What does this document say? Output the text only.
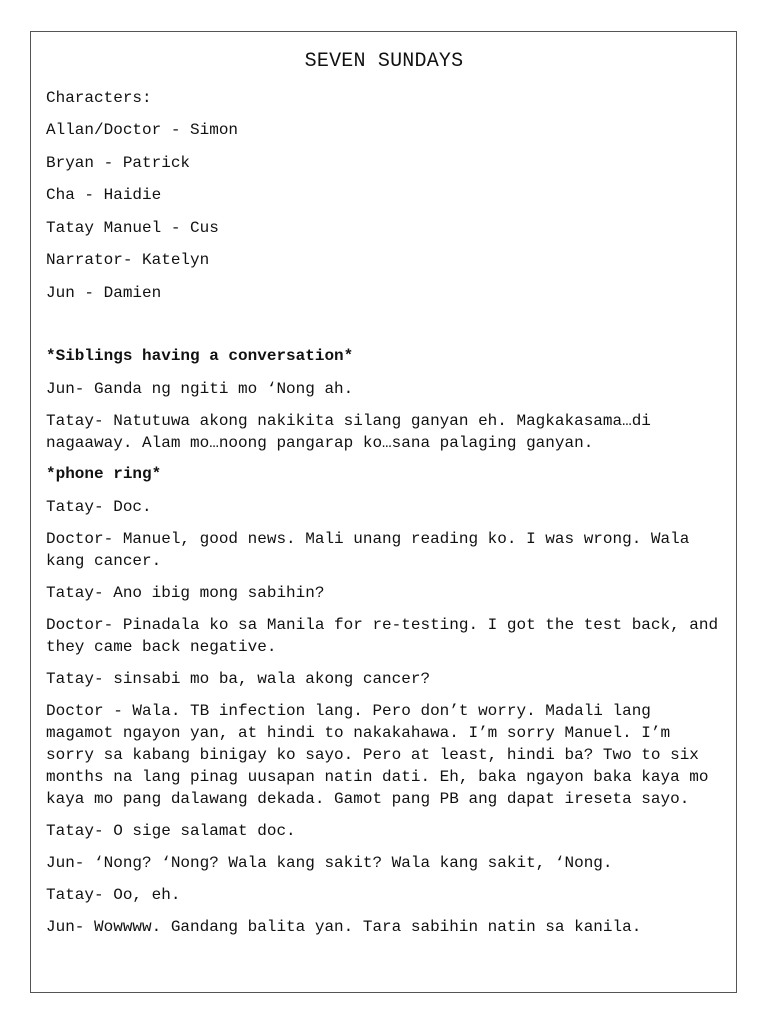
SEVEN SUNDAYS
Characters:
Allan/Doctor - Simon
Bryan - Patrick
Cha - Haidie
Tatay Manuel - Cus
Narrator- Katelyn
Jun - Damien
*Siblings having a conversation*
Jun- Ganda ng ngiti mo ‘Nong ah.
Tatay- Natutuwa akong nakikita silang ganyan eh. Magkakasama…di nagaaway. Alam mo…noong pangarap ko…sana palaging ganyan.
*phone ring*
Tatay- Doc.
Doctor- Manuel, good news. Mali unang reading ko. I was wrong. Wala kang cancer.
Tatay- Ano ibig mong sabihin?
Doctor- Pinadala ko sa Manila for re-testing. I got the test back, and they came back negative.
Tatay- sinsabi mo ba, wala akong cancer?
Doctor - Wala. TB infection lang. Pero don’t worry. Madali lang magamot ngayon yan, at hindi to nakakahawa. I’m sorry Manuel. I’m sorry sa kabang binigay ko sayo. Pero at least, hindi ba? Two to six months na lang pinag uusapan natin dati. Eh, baka ngayon baka kaya mo kaya mo pang dalawang dekada. Gamot pang PB ang dapat ireseta sayo.
Tatay- O sige salamat doc.
Jun- ‘Nong? ‘Nong? Wala kang sakit? Wala kang sakit, ‘Nong.
Tatay- Oo, eh.
Jun- Wowwww. Gandang balita yan. Tara sabihin natin sa kanila.
